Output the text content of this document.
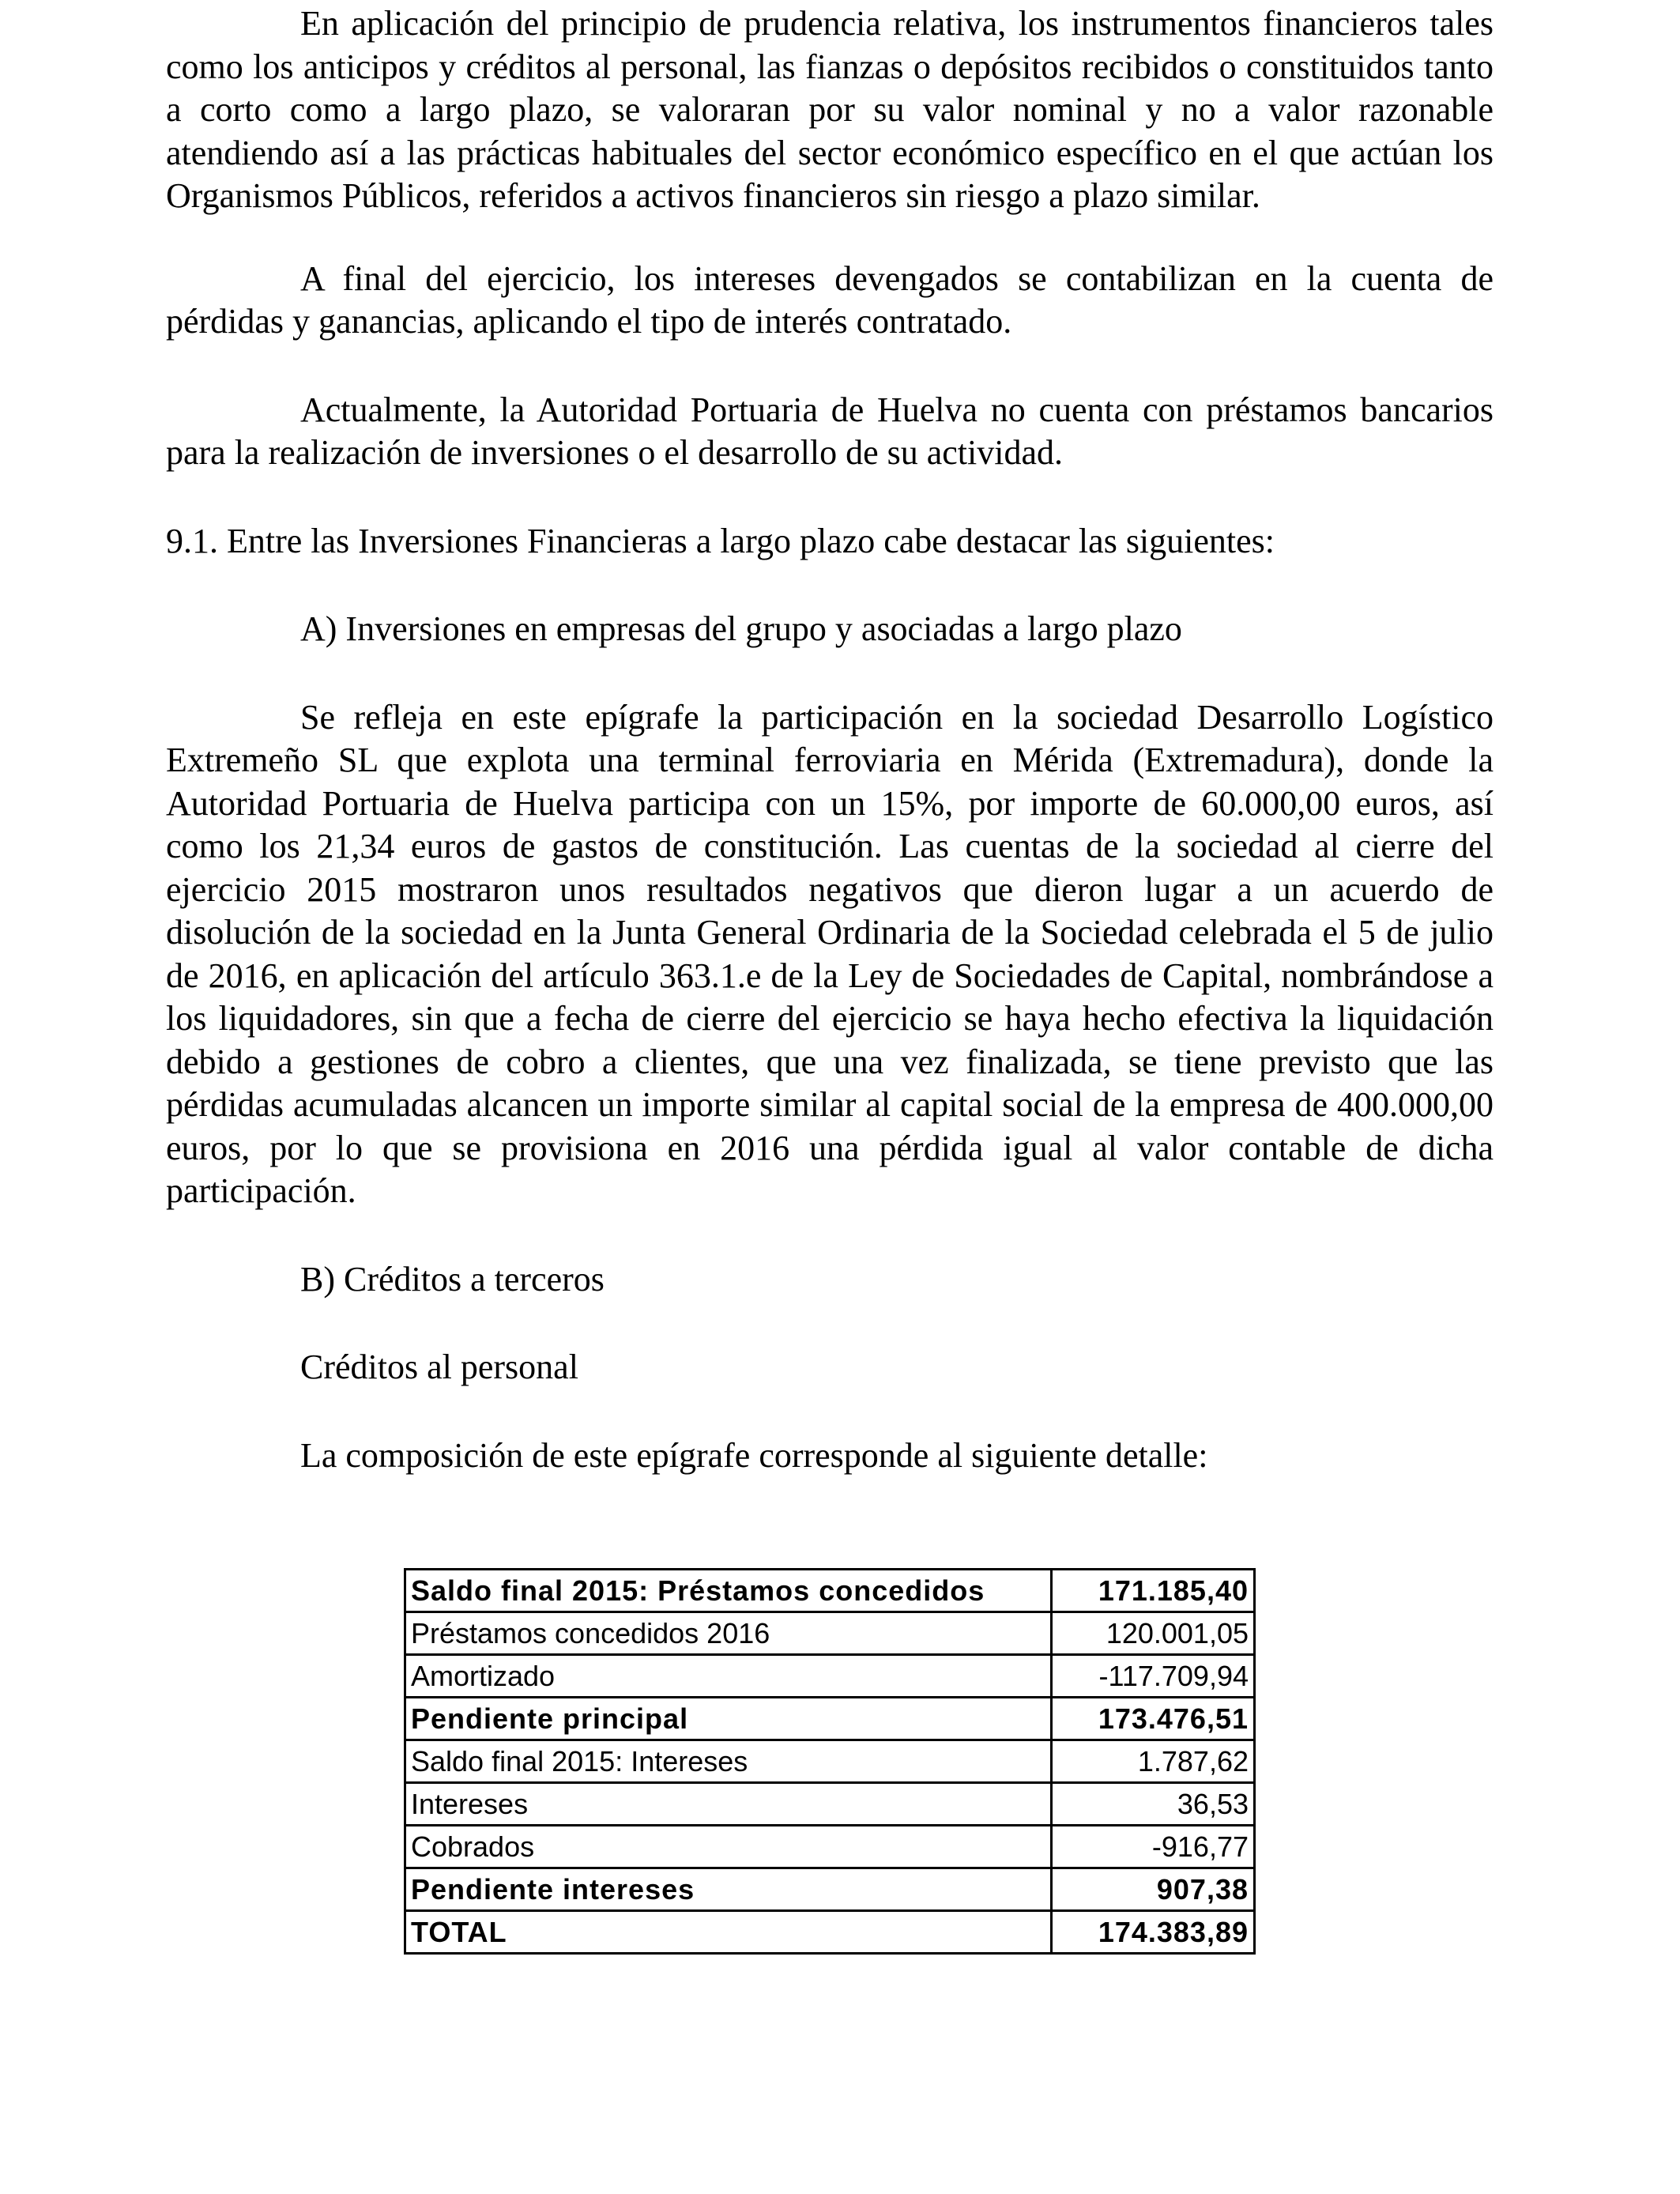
En aplicación del principio de prudencia relativa, los instrumentos financieros tales como los anticipos y créditos al personal, las fianzas o depósitos recibidos o constituidos tanto a corto como a largo plazo, se valoraran por su valor nominal y no a valor razonable atendiendo así a las prácticas habituales del sector económico específico en el que actúan los Organismos Públicos, referidos a activos financieros sin riesgo a plazo similar.

A final del ejercicio, los intereses devengados se contabilizan en la cuenta de pérdidas y ganancias, aplicando el tipo de interés contratado.

Actualmente, la Autoridad Portuaria de Huelva no cuenta con préstamos bancarios para la realización de inversiones o el desarrollo de su actividad.

9.1. Entre las Inversiones Financieras a largo plazo cabe destacar las siguientes:

A) Inversiones en empresas del grupo y asociadas a largo plazo

Se refleja en este epígrafe la participación en la sociedad Desarrollo Logístico Extremeño SL que explota una terminal ferroviaria en Mérida (Extremadura), donde la Autoridad Portuaria de Huelva participa con un 15%, por importe de 60.000,00 euros, así como los 21,34 euros de gastos de constitución. Las cuentas de la sociedad al cierre del ejercicio 2015 mostraron unos resultados negativos que dieron lugar a un acuerdo de disolución de la sociedad en la Junta General Ordinaria de la Sociedad celebrada el 5 de julio de 2016, en aplicación del artículo 363.1.e de la Ley de Sociedades de Capital, nombrándose a los liquidadores, sin que a fecha de cierre del ejercicio se haya hecho efectiva la liquidación debido a gestiones de cobro a clientes, que una vez finalizada, se tiene previsto que las pérdidas acumuladas alcancen un importe similar al capital social de la empresa de 400.000,00 euros, por lo que se provisiona en 2016 una pérdida igual al valor contable de dicha participación.

B) Créditos a terceros

Créditos al personal

La composición de este epígrafe corresponde al siguiente detalle:

Saldo final 2015: Préstamos concedidos	171.185,40
Préstamos concedidos 2016	120.001,05
Amortizado	-117.709,94
Pendiente principal	173.476,51
Saldo final 2015: Intereses	1.787,62
Intereses	36,53
Cobrados	-916,77
Pendiente intereses	907,38
TOTAL	174.383,89
